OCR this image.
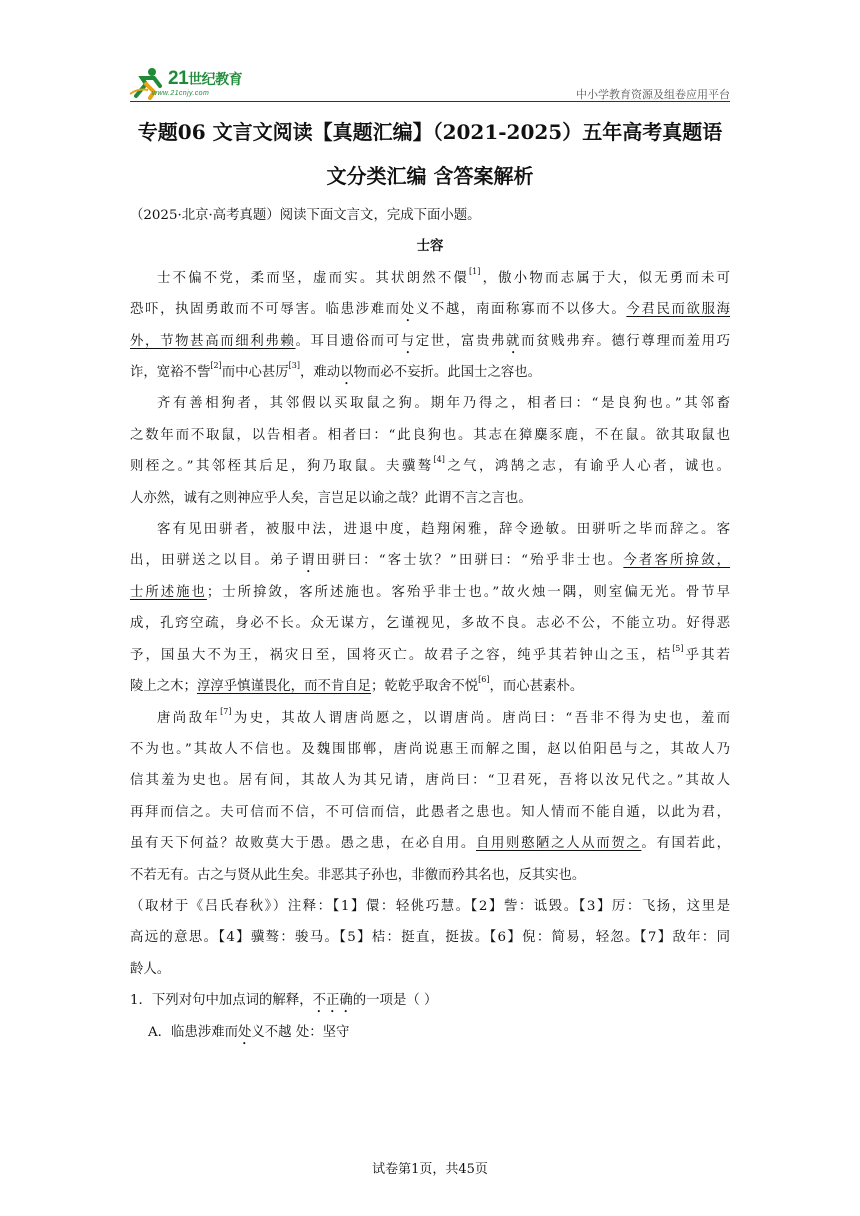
21世纪教育
www.21cnjy.com	中小学教育资源及组卷应用平台
专题06 文言文阅读【真题汇编】（2021-2025）五年高考真题语
文分类汇编 含答案解析
（2025·北京·高考真题）阅读下面文言文，完成下面小题。
士容
士不偏不党，柔而坚，虚而实。其状朗然不儇[1]，傲小物而志属于大，似无勇而未可
恐吓，执固勇敢而不可辱害。临患涉难而处义不越，南面称寡而不以侈大。今君民而欲服海
外，节物甚高而细利弗赖。耳目遗俗而可与定世，富贵弗就而贫贱弗弃。德行尊理而羞用巧
诈，宽裕不訾[2]而中心甚厉[3]，难动以物而必不妄折。此国士之容也。
齐有善相狗者，其邻假以买取鼠之狗。期年乃得之，相者曰：“是良狗也。”其邻畜
之数年而不取鼠，以告相者。相者曰：“此良狗也。其志在獐麋豕鹿，不在鼠。欲其取鼠也
则桎之。”其邻桎其后足，狗乃取鼠。夫骥骜[4]之气，鸿鹄之志，有谕乎人心者，诚也。
人亦然，诚有之则神应乎人矣，言岂足以谕之哉？此谓不言之言也。
客有见田骈者，被服中法，进退中度，趋翔闲雅，辞令逊敏。田骈听之毕而辞之。客
出，田骈送之以目。弟子谓田骈曰：“客士欤？”田骈曰：“殆乎非士也。今者客所揜敛，
士所述施也；士所揜敛，客所述施也。客殆乎非士也。”故火烛一隅，则室偏无光。骨节早
成，孔窍空疏，身必不长。众无谋方，乞谨视见，多故不良。志必不公，不能立功。好得恶
予，国虽大不为王，祸灾日至，国将灭亡。故君子之容，纯乎其若钟山之玉，桔[5]乎其若
陵上之木；淳淳乎慎谨畏化，而不肯自足；乾乾乎取舍不悦[6]，而心甚素朴。
唐尚敌年[7]为史，其故人谓唐尚愿之，以谓唐尚。唐尚曰：“吾非不得为史也，羞而
不为也。”其故人不信也。及魏围邯郸，唐尚说惠王而解之围，赵以伯阳邑与之，其故人乃
信其羞为史也。居有间，其故人为其兄请，唐尚曰：“卫君死，吾将以汝兄代之。”其故人
再拜而信之。夫可信而不信，不可信而信，此愚者之患也。知人情而不能自遁，以此为君，
虽有天下何益？故败莫大于愚。愚之患，在必自用。自用则憨陋之人从而贺之。有国若此，
不若无有。古之与贤从此生矣。非恶其子孙也，非徼而矜其名也，反其实也。
（取材于《吕氏春秋》）注释：【1】儇：轻佻巧慧。【2】訾：诋毁。【3】厉：飞扬，这里是
高远的意思。【4】骥骜：骏马。【5】桔：挺直，挺拔。【6】倪：简易，轻忽。【7】敌年：同
龄人。
1．下列对句中加点词的解释，不正确的一项是（ ）
A．临患涉难而处义不越 处：坚守
试卷第1页，共45页
